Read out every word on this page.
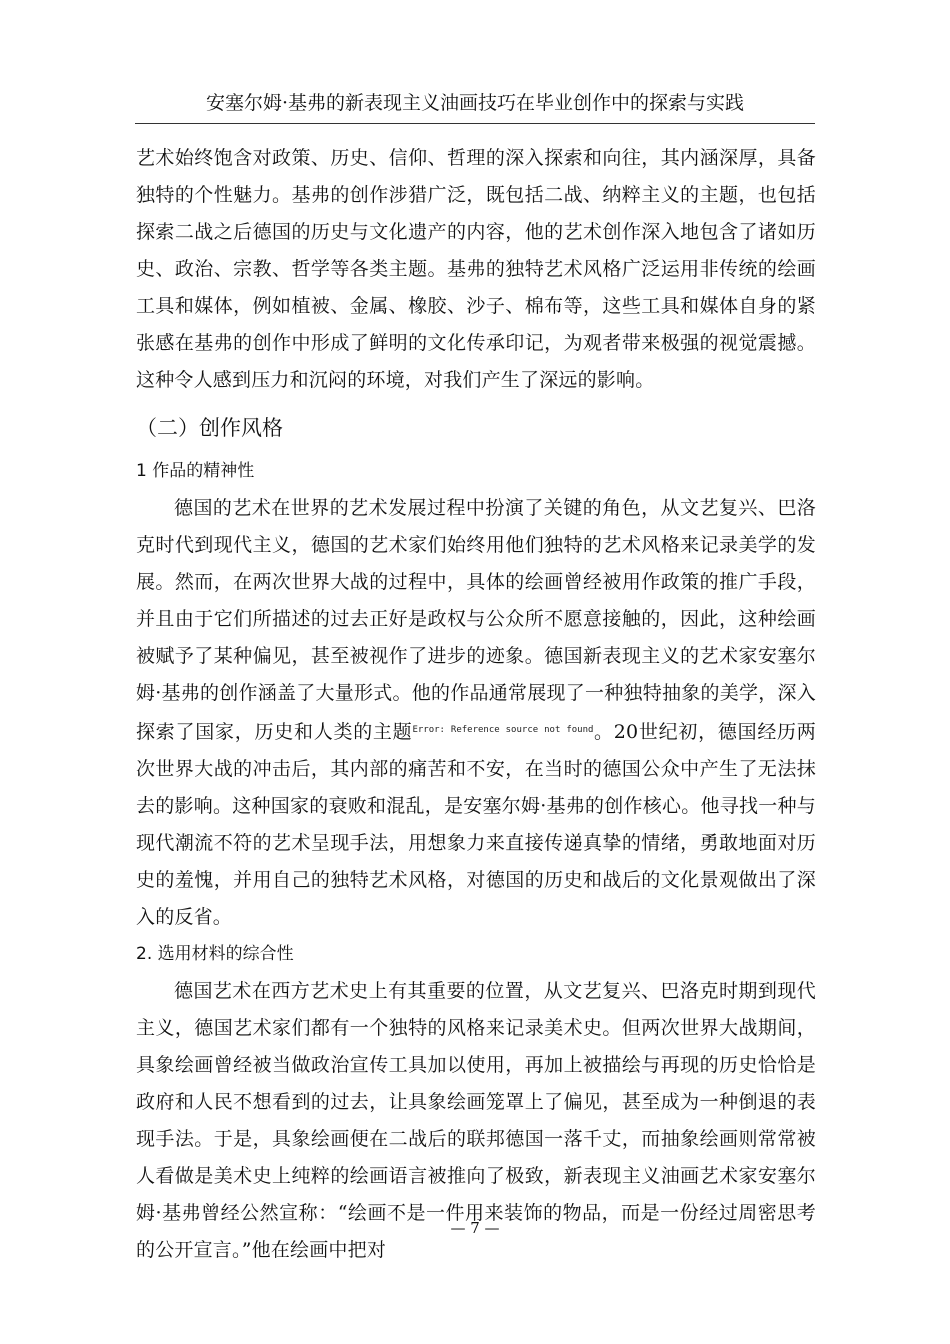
安塞尔姆·基弗的新表现主义油画技巧在毕业创作中的探索与实践

艺术始终饱含对政策、历史、信仰、哲理的深入探索和向往，其内涵深厚，具备独特的个性魅力。基弗的创作涉猎广泛，既包括二战、纳粹主义的主题，也包括探索二战之后德国的历史与文化遗产的内容，他的艺术创作深入地包含了诸如历史、政治、宗教、哲学等各类主题。基弗的独特艺术风格广泛运用非传统的绘画工具和媒体，例如植被、金属、橡胶、沙子、棉布等，这些工具和媒体自身的紧张感在基弗的创作中形成了鲜明的文化传承印记，为观者带来极强的视觉震撼。这种令人感到压力和沉闷的环境，对我们产生了深远的影响。

（二）创作风格
1 作品的精神性

德国的艺术在世界的艺术发展过程中扮演了关键的角色，从文艺复兴、巴洛克时代到现代主义，德国的艺术家们始终用他们独特的艺术风格来记录美学的发展。然而，在两次世界大战的过程中，具体的绘画曾经被用作政策的推广手段，并且由于它们所描述的过去正好是政权与公众所不愿意接触的，因此，这种绘画被赋予了某种偏见，甚至被视作了进步的迹象。德国新表现主义的艺术家安塞尔姆·基弗的创作涵盖了大量形式。他的作品通常展现了一种独特抽象的美学，深入探索了国家，历史和人类的主题$^{Error: Reference source not found}$。20世纪初，德国经历两次世界大战的冲击后，其内部的痛苦和不安，在当时的德国公众中产生了无法抹去的影响。这种国家的衰败和混乱，是安塞尔姆·基弗的创作核心。他寻找一种与现代潮流不符的艺术呈现手法，用想象力来直接传递真挚的情绪，勇敢地面对历史的羞愧，并用自己的独特艺术风格，对德国的历史和战后的文化景观做出了深入的反省。

2. 选用材料的综合性

德国艺术在西方艺术史上有其重要的位置，从文艺复兴、巴洛克时期到现代主义，德国艺术家们都有一个独特的风格来记录美术史。但两次世界大战期间，具象绘画曾经被当做政治宣传工具加以使用，再加上被描绘与再现的历史恰恰是政府和人民不想看到的过去，让具象绘画笼罩上了偏见，甚至成为一种倒退的表现手法。于是，具象绘画便在二战后的联邦德国一落千丈，而抽象绘画则常常被人看做是美术史上纯粹的绘画语言被推向了极致，新表现主义油画艺术家安塞尔姆·基弗曾经公然宣称：“绘画不是一件用来装饰的物品，而是一份经过周密思考的公开宣言。”他在绘画中把对

— 7 —
